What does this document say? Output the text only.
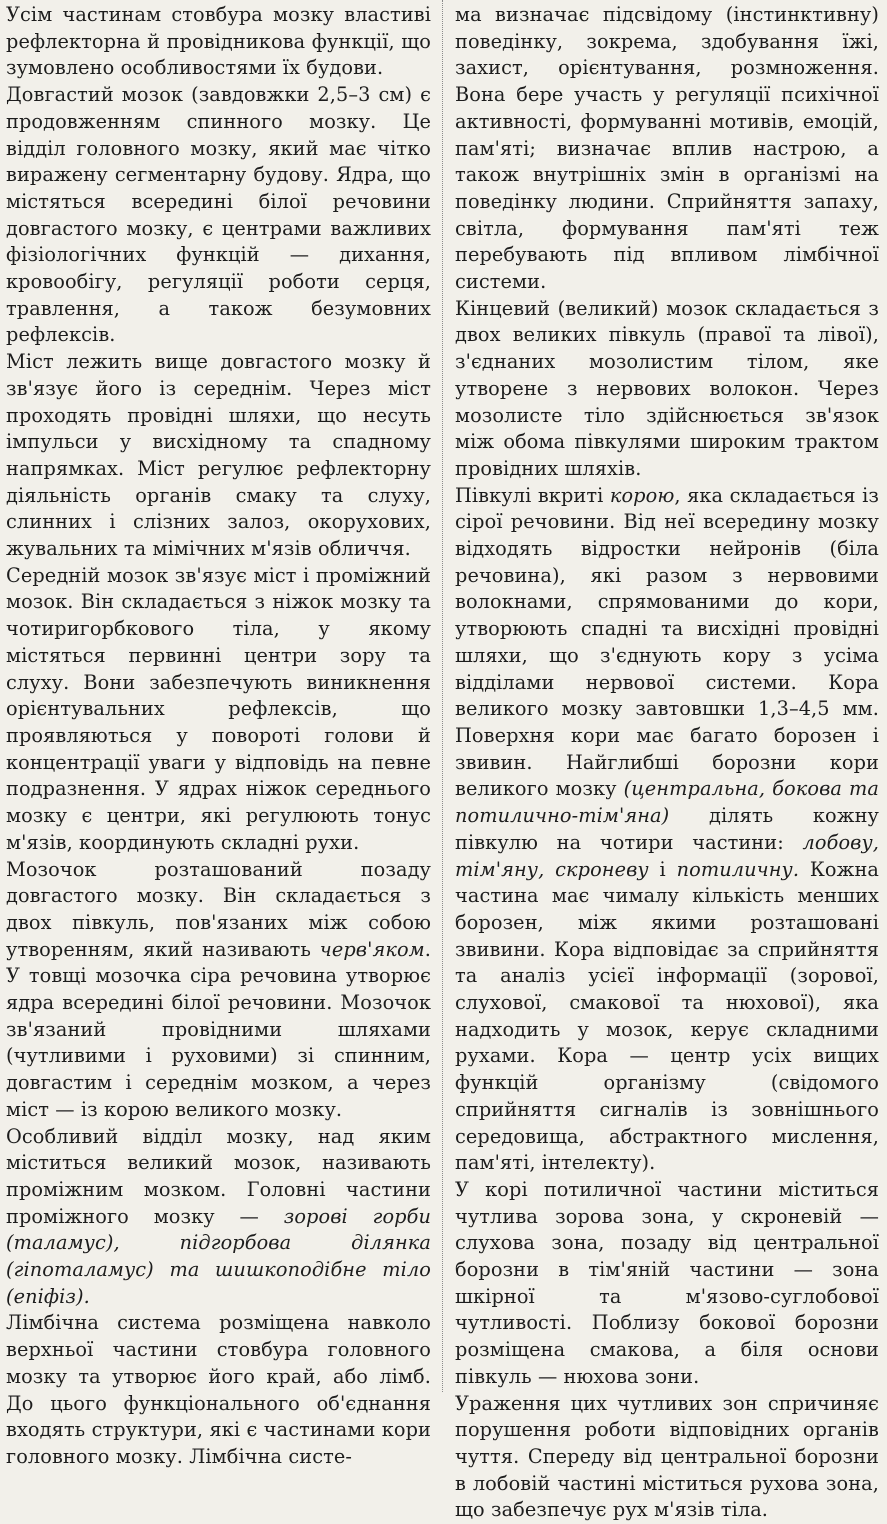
Усім частинам стовбура мозку властиві рефлекторна й провідникова функції, що зумовлено особливостями їх будови.

Довгастий мозок (завдовжки 2,5–3 см) є продовженням спинного мозку. Це відділ головного мозку, який має чітко виражену сегментарну будову. Ядра, що містяться всередині білої речовини довгастого мозку, є центрами важливих фізіологічних функцій — дихання, кровообігу, регуляції роботи серця, травлення, а також безумовних рефлексів.

Міст лежить вище довгастого мозку й зв'язує його із середнім. Через міст проходять провідні шляхи, що несуть імпульси у висхідному та спадному напрямках. Міст регулює рефлекторну діяльність органів смаку та слуху, слинних і слізних залоз, окорухових, жувальних та мімічних м'язів обличчя.

Середній мозок зв'язує міст і проміжний мозок. Він складається з ніжок мозку та чотиригорбкового тіла, у якому містяться первинні центри зору та слуху. Вони забезпечують виникнення орієнтувальних рефлексів, що проявляються у повороті голови й концентрації уваги у відповідь на певне подразнення. У ядрах ніжок середнього мозку є центри, які регулюють тонус м'язів, координують складні рухи.

Мозочок розташований позаду довгастого мозку. Він складається з двох півкуль, пов'язаних між собою утворенням, який називають черв'яком. У товщі мозочка сіра речовина утворює ядра всередині білої речовини. Мозочок зв'язаний провідними шляхами (чутливими і руховими) зі спинним, довгастим і середнім мозком, а через міст — із корою великого мозку.

Особливий відділ мозку, над яким міститься великий мозок, називають проміжним мозком. Головні частини проміжного мозку — зорові горби (таламус), підгорбова ділянка (гіпоталамус) та шишкоподібне тіло (епіфіз).

Лімбічна система розміщена навколо верхньої частини стовбура головного мозку та утворює його край, або лімб. До цього функціонального об'єднання входять структури, які є частинами кори головного мозку. Лімбічна систе-

ма визначає підсвідому (інстинктивну) поведінку, зокрема, здобування їжі, захист, орієнтування, розмноження. Вона бере участь у регуляції психічної активності, формуванні мотивів, емоцій, пам'яті; визначає вплив настрою, а також внутрішніх змін в організмі на поведінку людини. Сприйняття запаху, світла, формування пам'яті теж перебувають під впливом лімбічної системи.

Кінцевий (великий) мозок складається з двох великих півкуль (правої та лівої), з'єднаних мозолистим тілом, яке утворене з нервових волокон. Через мозолисте тіло здійснюється зв'язок між обома півкулями широким трактом провідних шляхів.

Півкулі вкриті корою, яка складається із сірої речовини. Від неї всередину мозку відходять відростки нейронів (біла речовина), які разом з нервовими волокнами, спрямованими до кори, утворюють спадні та висхідні провідні шляхи, що з'єднують кору з усіма відділами нервової системи. Кора великого мозку завтовшки 1,3–4,5 мм. Поверхня кори має багато борозен і звивин. Найглибші борозни кори великого мозку (центральна, бокова та потилично-тім'яна) ділять кожну півкулю на чотири частини: лобову, тім'яну, скроневу і потиличну. Кожна частина має чималу кількість менших борозен, між якими розташовані звивини. Кора відповідає за сприйняття та аналіз усієї інформації (зорової, слухової, смакової та нюхової), яка надходить у мозок, керує складними рухами. Кора — центр усіх вищих функцій організму (свідомого сприйняття сигналів із зовнішнього середовища, абстрактного мислення, пам'яті, інтелекту).

У корі потиличної частини міститься чутлива зорова зона, у скроневій — слухова зона, позаду від центральної борозни в тім'яній частини — зона шкірної та м'язово-суглобової чутливості. Поблизу бокової борозни розміщена смакова, а біля основи півкуль — нюхова зони.

Ураження цих чутливих зон спричиняє порушення роботи відповідних органів чуття. Спереду від центральної борозни в лобовій частині міститься рухова зона, що забезпечує рух м'язів тіла.
